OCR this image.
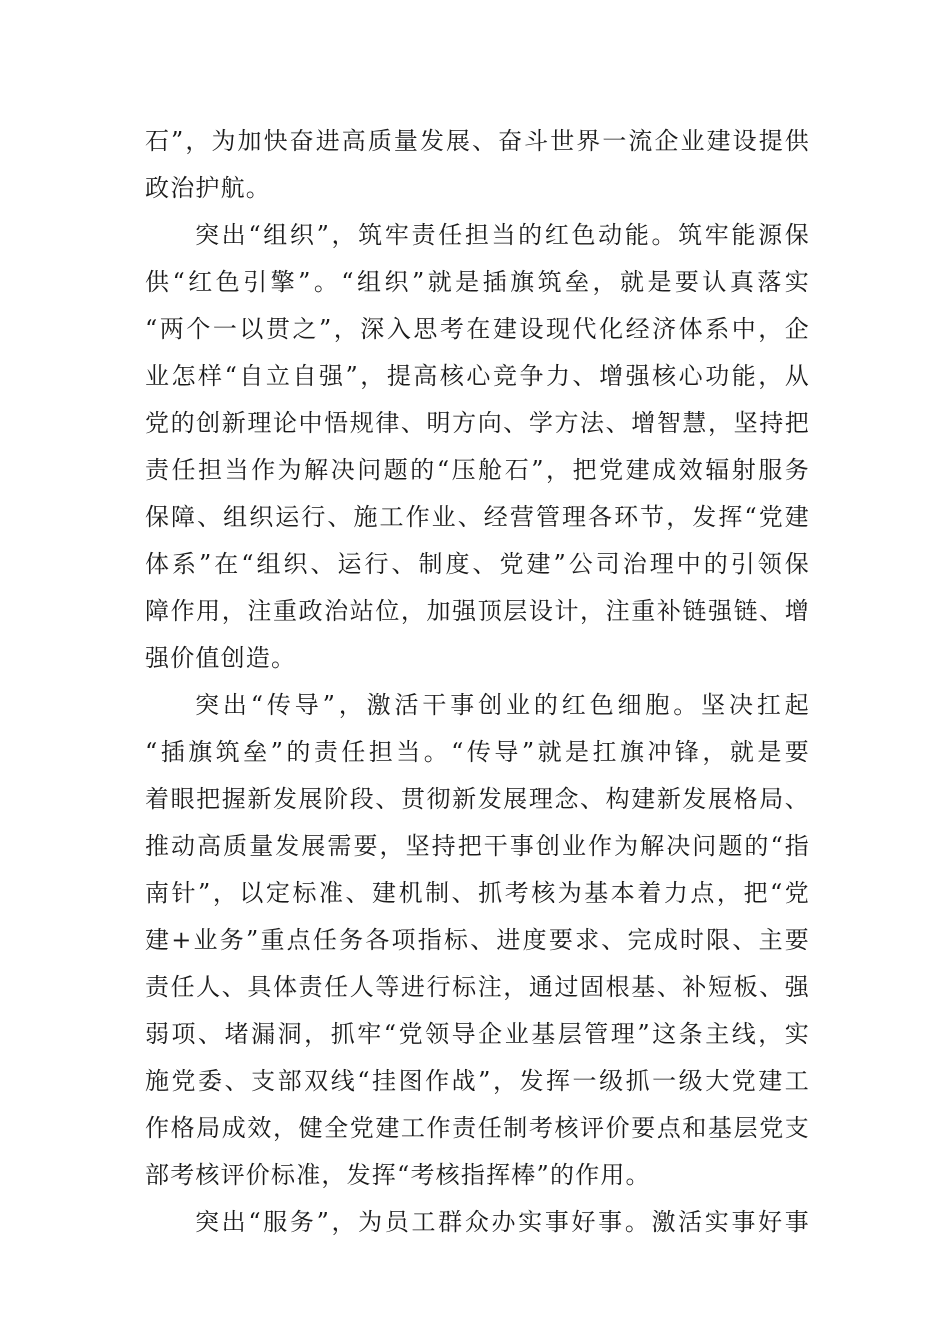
石”，为加快奋进高质量发展、奋斗世界一流企业建设提供
政治护航。
突出“组织”，筑牢责任担当的红色动能。筑牢能源保
供“红色引擎”。“组织”就是插旗筑垒，就是要认真落实
“两个一以贯之”，深入思考在建设现代化经济体系中，企
业怎样“自立自强”，提高核心竞争力、增强核心功能，从
党的创新理论中悟规律、明方向、学方法、增智慧，坚持把
责任担当作为解决问题的“压舱石”，把党建成效辐射服务
保障、组织运行、施工作业、经营管理各环节，发挥“党建
体系”在“组织、运行、制度、党建”公司治理中的引领保
障作用，注重政治站位，加强顶层设计，注重补链强链、增
强价值创造。
突出“传导”，激活干事创业的红色细胞。坚决扛起
“插旗筑垒”的责任担当。“传导”就是扛旗冲锋，就是要
着眼把握新发展阶段、贯彻新发展理念、构建新发展格局、
推动高质量发展需要，坚持把干事创业作为解决问题的“指
南针”，以定标准、建机制、抓考核为基本着力点，把“党
建+业务”重点任务各项指标、进度要求、完成时限、主要
责任人、具体责任人等进行标注，通过固根基、补短板、强
弱项、堵漏洞，抓牢“党领导企业基层管理”这条主线，实
施党委、支部双线“挂图作战”，发挥一级抓一级大党建工
作格局成效，健全党建工作责任制考核评价要点和基层党支
部考核评价标准，发挥“考核指挥棒”的作用。
突出“服务”，为员工群众办实事好事。激活实事好事
